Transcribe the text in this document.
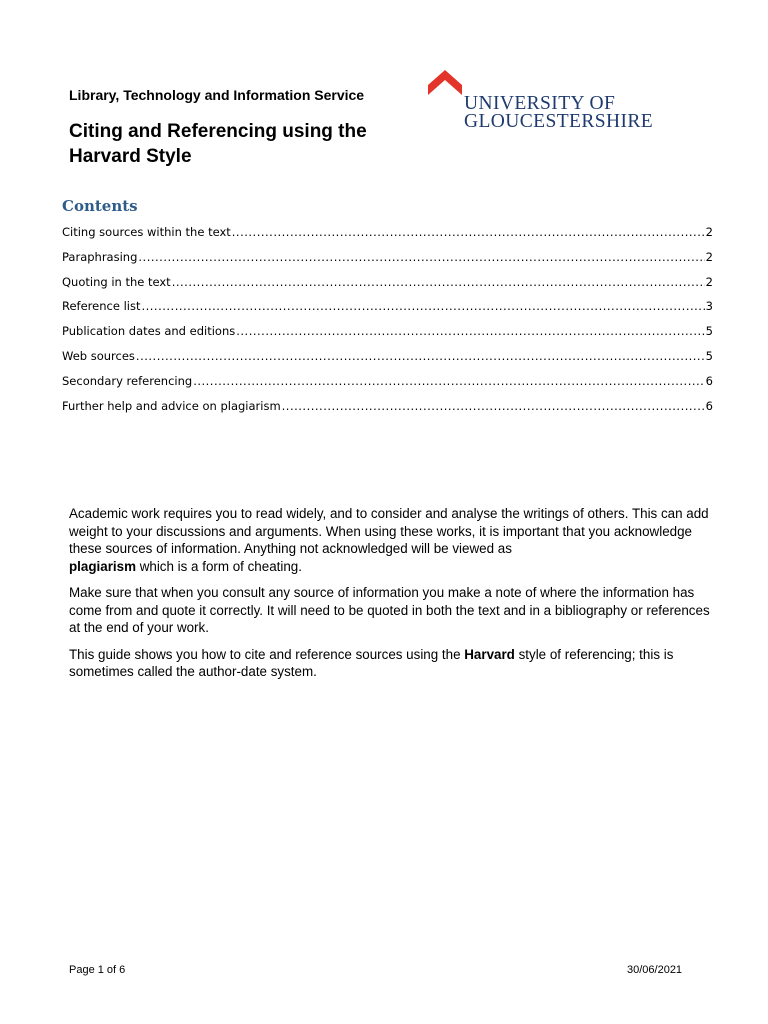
Library, Technology and Information Service
Citing and Referencing using the
Harvard Style
UNIVERSITY OF
GLOUCESTERSHIRE
Contents
Citing sources within the text .....	2
Paraphrasing .....	2
Quoting in the text .....	2
Reference list .....	3
Publication dates and editions .....	5
Web sources .....	5
Secondary referencing .....	6
Further help and advice on plagiarism .....	6

Academic work requires you to read widely, and to consider and analyse the writings of others. This can add weight to your discussions and arguments. When using these works, it is important that you acknowledge these sources of information. Anything not acknowledged will be viewed as
plagiarism which is a form of cheating.

Make sure that when you consult any source of information you make a note of where the information has come from and quote it correctly. It will need to be quoted in both the text and in a bibliography or references at the end of your work.

This guide shows you how to cite and reference sources using the Harvard style of referencing; this is sometimes called the author-date system.

Page 1 of 6	30/06/2021
